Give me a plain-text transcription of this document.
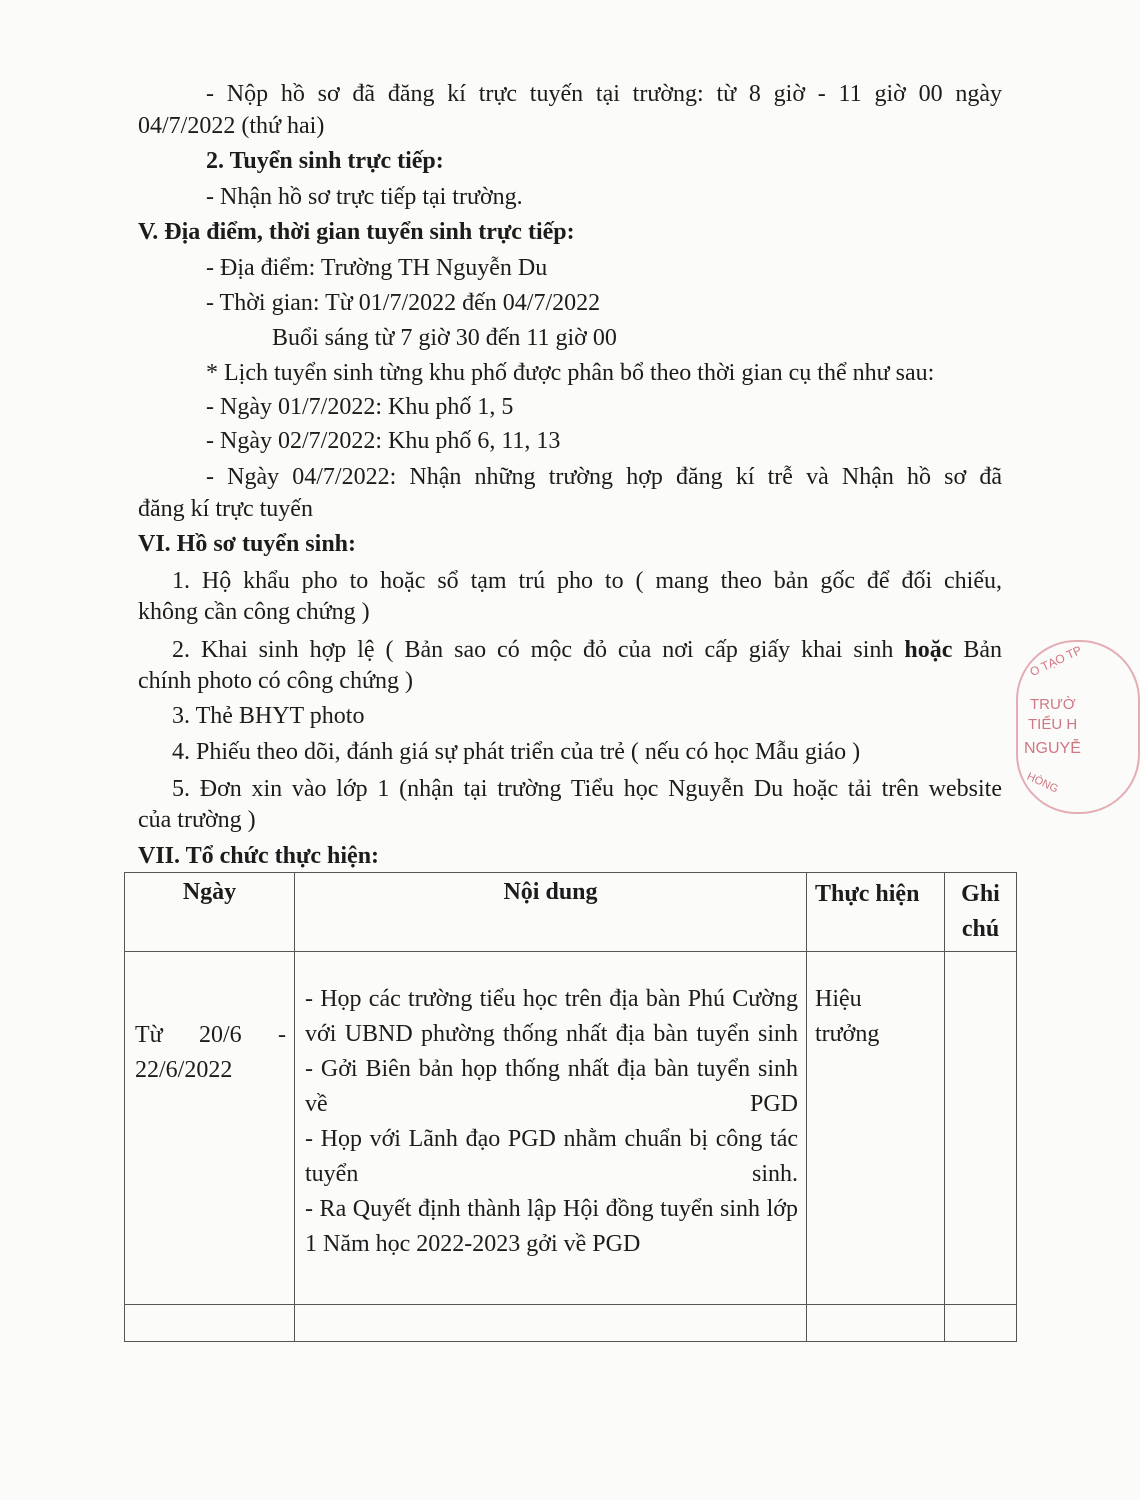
- Nộp hồ sơ đã đăng kí trực tuyến tại trường: từ 8 giờ - 11 giờ 00 ngày
04/7/2022 (thứ hai)
2. Tuyển sinh trực tiếp:
- Nhận hồ sơ trực tiếp tại trường.
V. Địa điểm, thời gian tuyển sinh trực tiếp:
- Địa điểm: Trường TH Nguyễn Du
- Thời gian: Từ 01/7/2022 đến 04/7/2022
Buổi sáng từ 7 giờ 30 đến 11 giờ 00
* Lịch tuyển sinh từng khu phố được phân bổ theo thời gian cụ thể như sau:
- Ngày 01/7/2022: Khu phố 1, 5
- Ngày 02/7/2022: Khu phố 6, 11, 13
- Ngày 04/7/2022: Nhận những trường hợp đăng kí trễ và Nhận hồ sơ đã
đăng kí trực tuyến
VI. Hồ sơ tuyển sinh:
1. Hộ khẩu pho to hoặc sổ tạm trú pho to ( mang theo bản gốc để đối chiếu,
không cần công chứng )
2. Khai sinh hợp lệ ( Bản sao có mộc đỏ của nơi cấp giấy khai sinh hoặc Bản
chính photo có công chứng )
3. Thẻ BHYT photo
4. Phiếu theo dõi, đánh giá sự phát triển của trẻ ( nếu có học Mẫu giáo )
5. Đơn xin vào lớp 1 (nhận tại trường Tiểu học Nguyễn Du hoặc tải trên website
của trường )
VII. Tổ chức thực hiện:
Ngày	Nội dung	Thực hiện	Ghi chú

Từ 20/6 - 22/6/2022	- Họp các trường tiểu học trên địa bàn Phú Cường với UBND phường thống nhất địa bàn tuyển sinh
- Gởi Biên bản họp thống nhất địa bàn tuyển sinh về PGD
- Họp với Lãnh đạo PGD nhằm chuẩn bị công tác tuyển sinh.
- Ra Quyết định thành lập Hội đồng tuyển sinh lớp 1 Năm học 2022-2023 gởi về PGD	Hiệu trưởng	

O TẠO TP
TRƯỜ
TIỂU H
NGUYỄ
HÒNG
